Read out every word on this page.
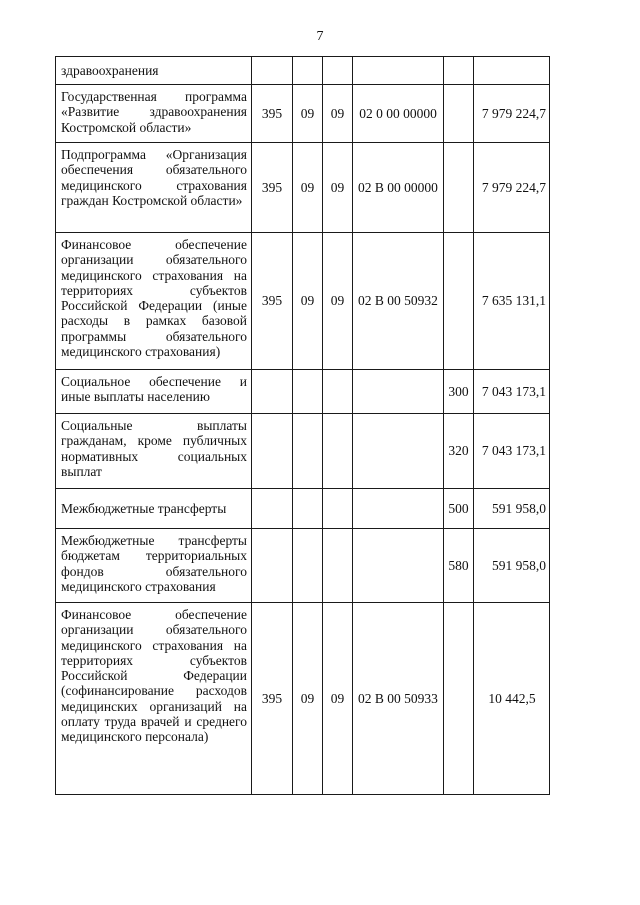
7
здравоохранения						
Государственная программа «Развитие здравоохранения Костромской области»	395	09	09	02 0 00 00000		7 979 224,7
Подпрограмма «Организация обеспечения обязательного медицинского страхования граждан Костромской области»	395	09	09	02 В 00 00000		7 979 224,7
Финансовое обеспечение организации обязательного медицинского страхования на территориях субъектов Российской Федерации (иные расходы в рамках базовой программы обязательного медицинского страхования)	395	09	09	02 В 00 50932		7 635 131,1
Социальное обеспечение и иные выплаты населению					300	7 043 173,1
Социальные выплаты гражданам, кроме публичных нормативных социальных выплат					320	7 043 173,1
Межбюджетные трансферты					500	591 958,0
Межбюджетные трансферты бюджетам территориальных фондов обязательного медицинского страхования					580	591 958,0
Финансовое обеспечение организации обязательного медицинского страхования на территориях субъектов Российской Федерации (софинансирование расходов медицинских организаций на оплату труда врачей и среднего медицинского персонала)	395	09	09	02 В 00 50933		10 442,5
